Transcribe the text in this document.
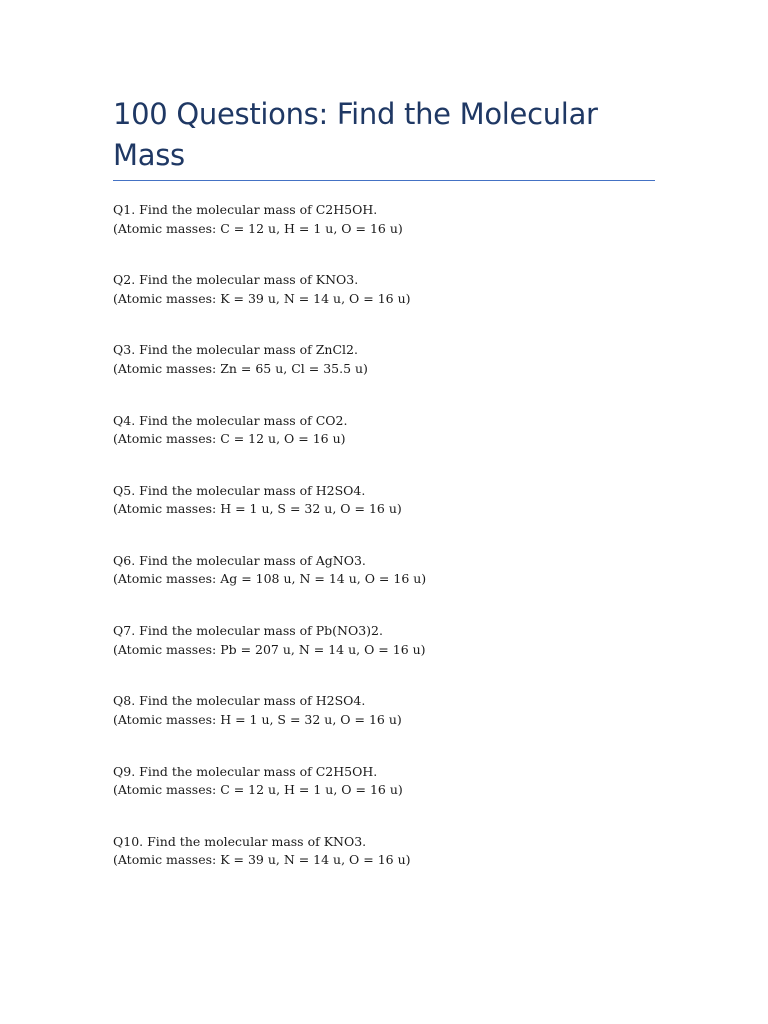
100 Questions: Find the Molecular Mass
Q1. Find the molecular mass of C2H5OH.
(Atomic masses: C = 12 u, H = 1 u, O = 16 u)
Q2. Find the molecular mass of KNO3.
(Atomic masses: K = 39 u, N = 14 u, O = 16 u)
Q3. Find the molecular mass of ZnCl2.
(Atomic masses: Zn = 65 u, Cl = 35.5 u)
Q4. Find the molecular mass of CO2.
(Atomic masses: C = 12 u, O = 16 u)
Q5. Find the molecular mass of H2SO4.
(Atomic masses: H = 1 u, S = 32 u, O = 16 u)
Q6. Find the molecular mass of AgNO3.
(Atomic masses: Ag = 108 u, N = 14 u, O = 16 u)
Q7. Find the molecular mass of Pb(NO3)2.
(Atomic masses: Pb = 207 u, N = 14 u, O = 16 u)
Q8. Find the molecular mass of H2SO4.
(Atomic masses: H = 1 u, S = 32 u, O = 16 u)
Q9. Find the molecular mass of C2H5OH.
(Atomic masses: C = 12 u, H = 1 u, O = 16 u)
Q10. Find the molecular mass of KNO3.
(Atomic masses: K = 39 u, N = 14 u, O = 16 u)
